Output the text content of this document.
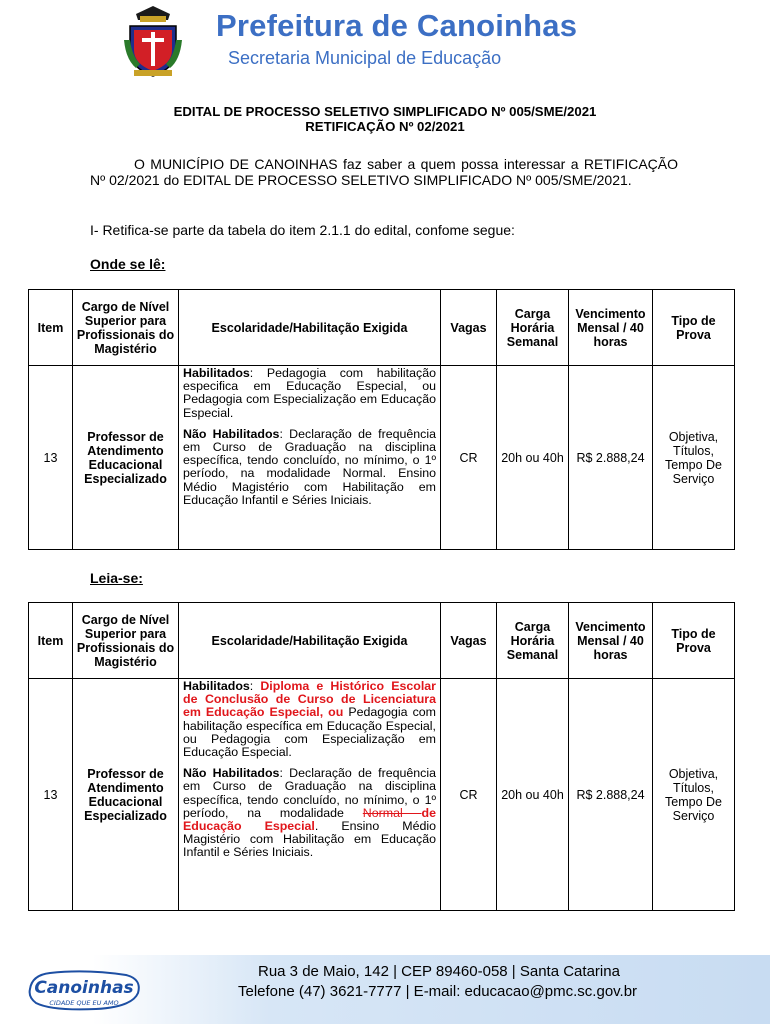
Prefeitura de Canoinhas
Secretaria Municipal de Educação
EDITAL DE PROCESSO SELETIVO SIMPLIFICADO Nº 005/SME/2021
RETIFICAÇÃO Nº 02/2021
O MUNICÍPIO DE CANOINHAS faz saber a quem possa interessar a RETIFICAÇÃO Nº 02/2021 do EDITAL DE PROCESSO SELETIVO SIMPLIFICADO Nº 005/SME/2021.
I- Retifica-se parte da tabela do item 2.1.1 do edital, confome segue:
Onde se lê:
Item	Cargo de Nível Superior para Profissionais do Magistério	Escolaridade/Habilitação Exigida	Vagas	Carga Horária Semanal	Vencimento Mensal / 40 horas	Tipo de Prova
13	Professor de Atendimento Educacional Especializado	Habilitados: Pedagogia com habilitação especifica em Educação Especial, ou Pedagogia com Especialização em Educação Especial.
Não Habilitados: Declaração de frequência em Curso de Graduação na disciplina específica, tendo concluído, no mínimo, o 1º período, na modalidade Normal. Ensino Médio Magistério com Habilitação em Educação Infantil e Séries Iniciais.	CR	20h ou 40h	R$ 2.888,24	Objetiva, Títulos, Tempo De Serviço
Leia-se:
Item	Cargo de Nível Superior para Profissionais do Magistério	Escolaridade/Habilitação Exigida	Vagas	Carga Horária Semanal	Vencimento Mensal / 40 horas	Tipo de Prova
13	Professor de Atendimento Educacional Especializado	Habilitados: Diploma e Histórico Escolar de Conclusão de Curso de Licenciatura em Educação Especial, ou Pedagogia com habilitação específica em Educação Especial, ou Pedagogia com Especialização em Educação Especial.
Não Habilitados: Declaração de frequência em Curso de Graduação na disciplina específica, tendo concluído, no mínimo, o 1º período, na modalidade Normal de Educação Especial. Ensino Médio Magistério com Habilitação em Educação Infantil e Séries Iniciais.	CR	20h ou 40h	R$ 2.888,24	Objetiva, Títulos, Tempo De Serviço
Canoinhas
CIDADE QUE EU AMO
Rua 3 de Maio, 142 | CEP 89460-058 | Santa Catarina
Telefone (47) 3621-7777 | E-mail: educacao@pmc.sc.gov.br
